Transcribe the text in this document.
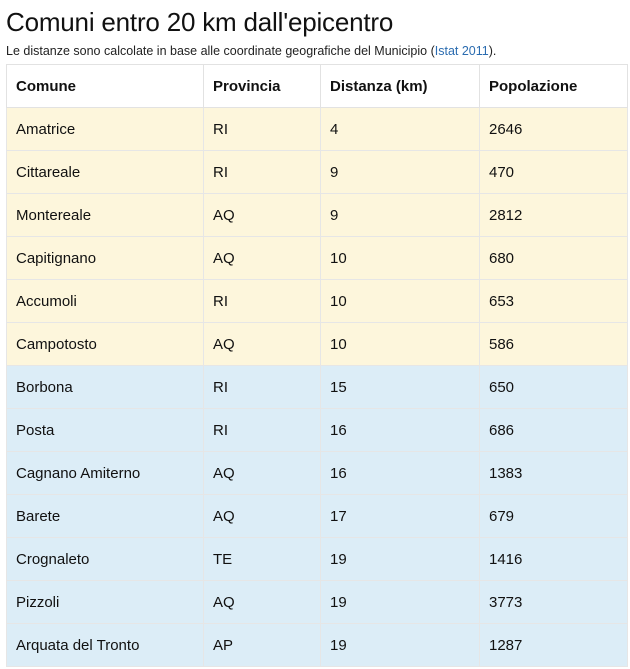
Comuni entro 20 km dall'epicentro
Le distanze sono calcolate in base alle coordinate geografiche del Municipio (Istat 2011).
Comune	Provincia	Distanza (km)	Popolazione
Amatrice	RI	4	2646
Cittareale	RI	9	470
Montereale	AQ	9	2812
Capitignano	AQ	10	680
Accumoli	RI	10	653
Campotosto	AQ	10	586
Borbona	RI	15	650
Posta	RI	16	686
Cagnano Amiterno	AQ	16	1383
Barete	AQ	17	679
Crognaleto	TE	19	1416
Pizzoli	AQ	19	3773
Arquata del Tronto	AP	19	1287
